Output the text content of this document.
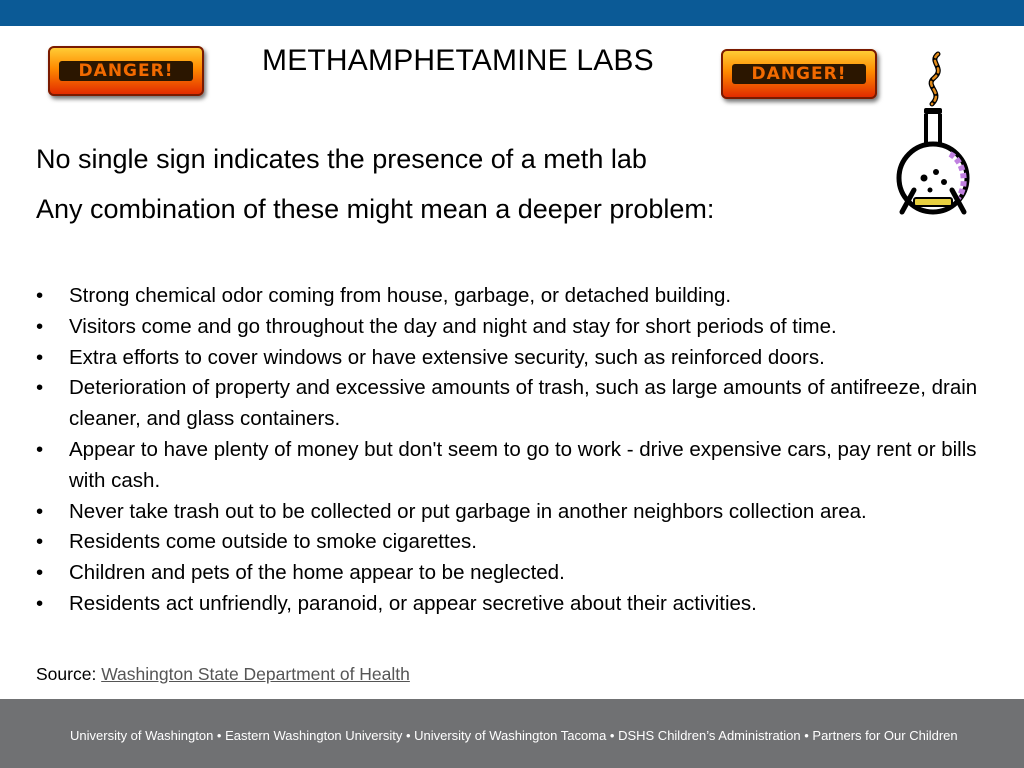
DANGER!	METHAMPHETAMINE LABS	DANGER!
No single sign indicates the presence of a meth lab
Any combination of these might mean a deeper problem:
• Strong chemical odor coming from house, garbage, or detached building.
• Visitors come and go throughout the day and night and stay for short periods of time.
• Extra efforts to cover windows or have extensive security, such as reinforced doors.
• Deterioration of property and excessive amounts of trash, such as large amounts of antifreeze, drain cleaner, and glass containers.
• Appear to have plenty of money but don't seem to go to work - drive expensive cars, pay rent or bills with cash.
• Never take trash out to be collected or put garbage in another neighbors collection area.
• Residents come outside to smoke cigarettes.
• Children and pets of the home appear to be neglected.
• Residents act unfriendly, paranoid, or appear secretive about their activities.
Source: Washington State Department of Health
University of Washington • Eastern Washington University • University of Washington Tacoma • DSHS Children’s Administration • Partners for Our Children
